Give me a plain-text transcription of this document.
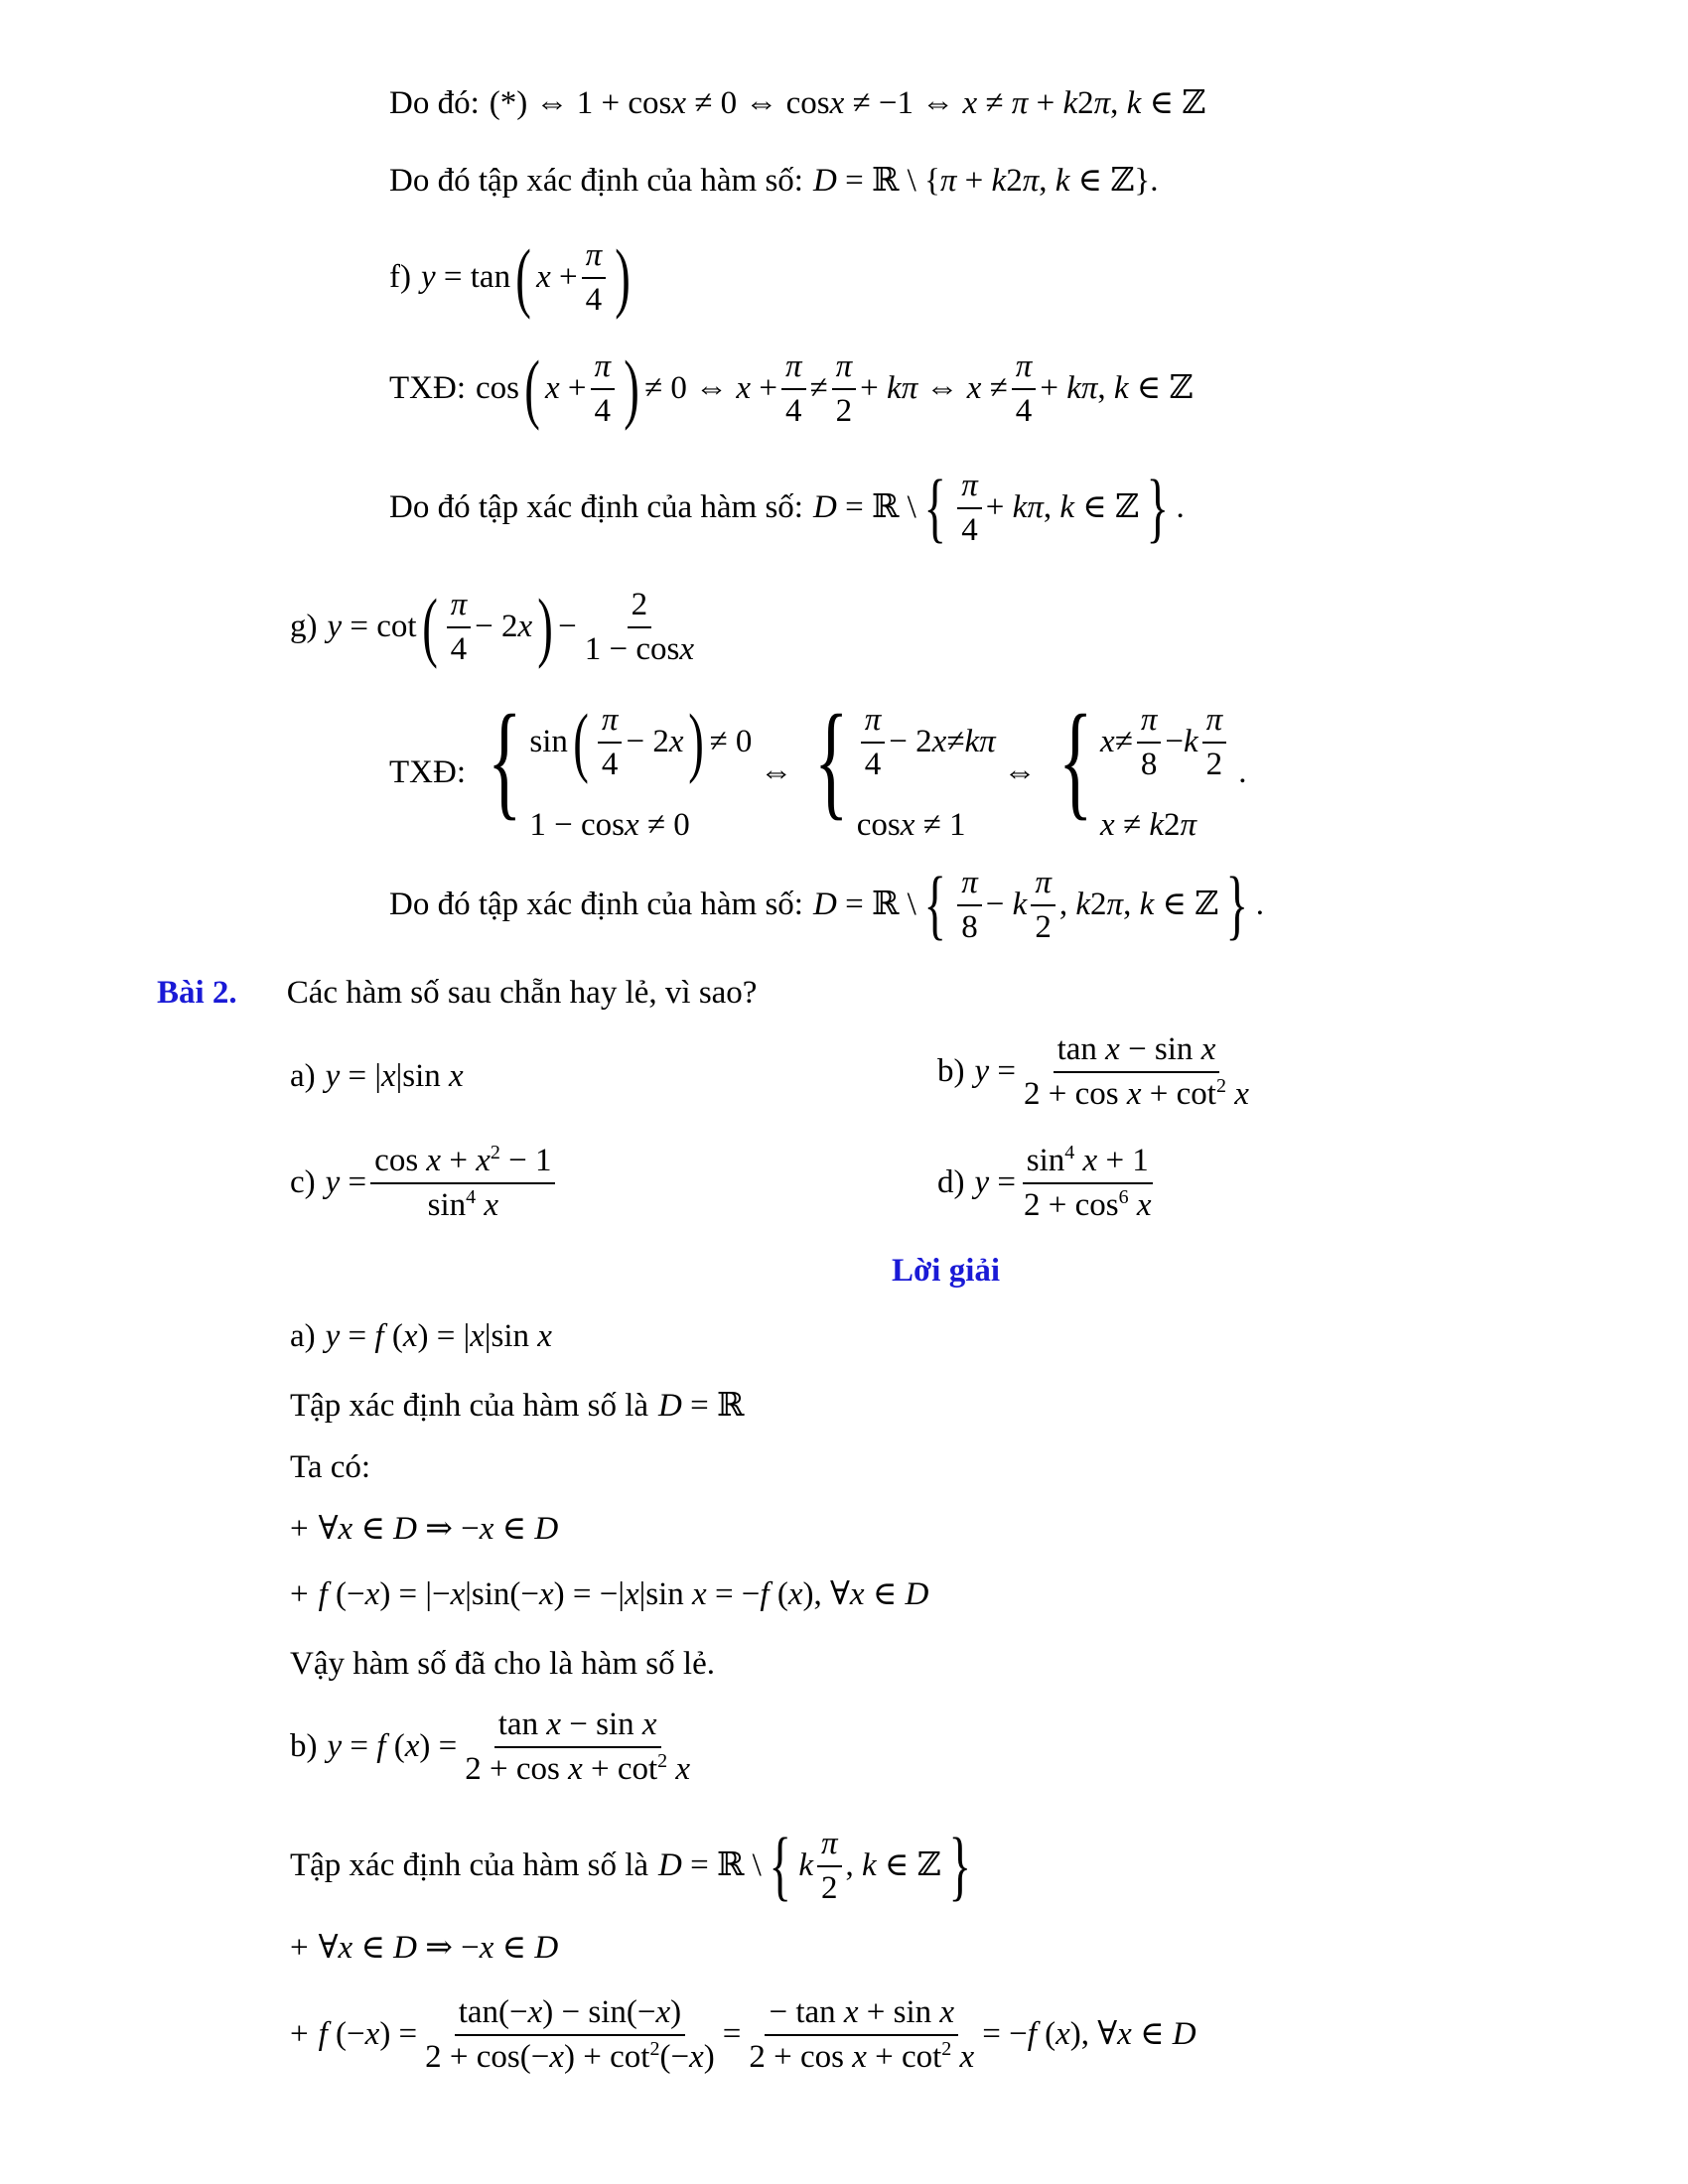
Do đó: (*) ⇔ 1 + cosx ≠ 0 ⇔ cosx ≠ −1 ⇔ x ≠ π + k2π, k ∈ ℤ
Do đó tập xác định của hàm số: D = ℝ \ {π + k2π, k ∈ ℤ}.
f) y = tan ( $x + \frac{\pi}{4}$ )
TXĐ: cos ( $x + \frac{\pi}{4}$ ) ≠ 0 ⇔ $x + \frac{\pi}{4} \ne \frac{\pi}{2} + k\pi$ ⇔ $x \ne \frac{\pi}{4} + k\pi$, k ∈ ℤ
Do đó tập xác định của hàm số: D = ℝ \ { $\frac{\pi}{4} + k\pi$, k ∈ ℤ } .
g) y = cot ( $\frac{\pi}{4} - 2x$ ) − $\frac{2}{1 - \cos x}$
TXĐ: { sin ( $\frac{\pi}{4} - 2$ x ) ≠ 0
1 − cosx ≠ 0
⇔ { $\frac{\pi}{4} - 2$ x ≠ kπ
cosx ≠ 1
⇔ { $x \ne \frac{\pi}{8} - k \frac{\pi}{2}$
x ≠ k2π
.
Do đó tập xác định của hàm số: D = ℝ \ { $\frac{\pi}{8} - k \frac{\pi}{2}$ , k2π, k ∈ ℤ } .
Bài 2. Các hàm số sau chẵn hay lẻ, vì sao?
a) y = |x|sin x	b) $y = \frac{\text{tan x − sin x}}{2 + \cos x + \cot^2 x}$
c) $y = \frac{\cos x + x^2 - 1}{\sin^4 x}$	d) $y = \frac{\sin^4 x + 1}{2 + \cos^6 x}$
Lời giải
a) y = f (x) = |x|sin x
Tập xác định của hàm số là D = ℝ
Ta có:
+ ∀x ∈ D ⇒ −x ∈ D
+ f (−x) = |−x|sin(−x) = −|x|sin x = −f (x), ∀x ∈ D
Vậy hàm số đã cho là hàm số lẻ.
b) y = f $(x) = \frac{\text{tan x − sin x}}{2 + \cos x + \cot^2 x}$
Tập xác định của hàm số là D = ℝ \ { k $\frac{\pi}{2}$ , k ∈ ℤ }
+ ∀x ∈ D ⇒ −x ∈ D
+ f $(-x) = \frac{\tan(-x) - \sin(-x)}{2 + \cos(-x) + \cot^2(-x)} = \frac{\text{− tan x + sin x}}{2 + \cos x + \cot^2 x} = -f$ (x), ∀x ∈ D
